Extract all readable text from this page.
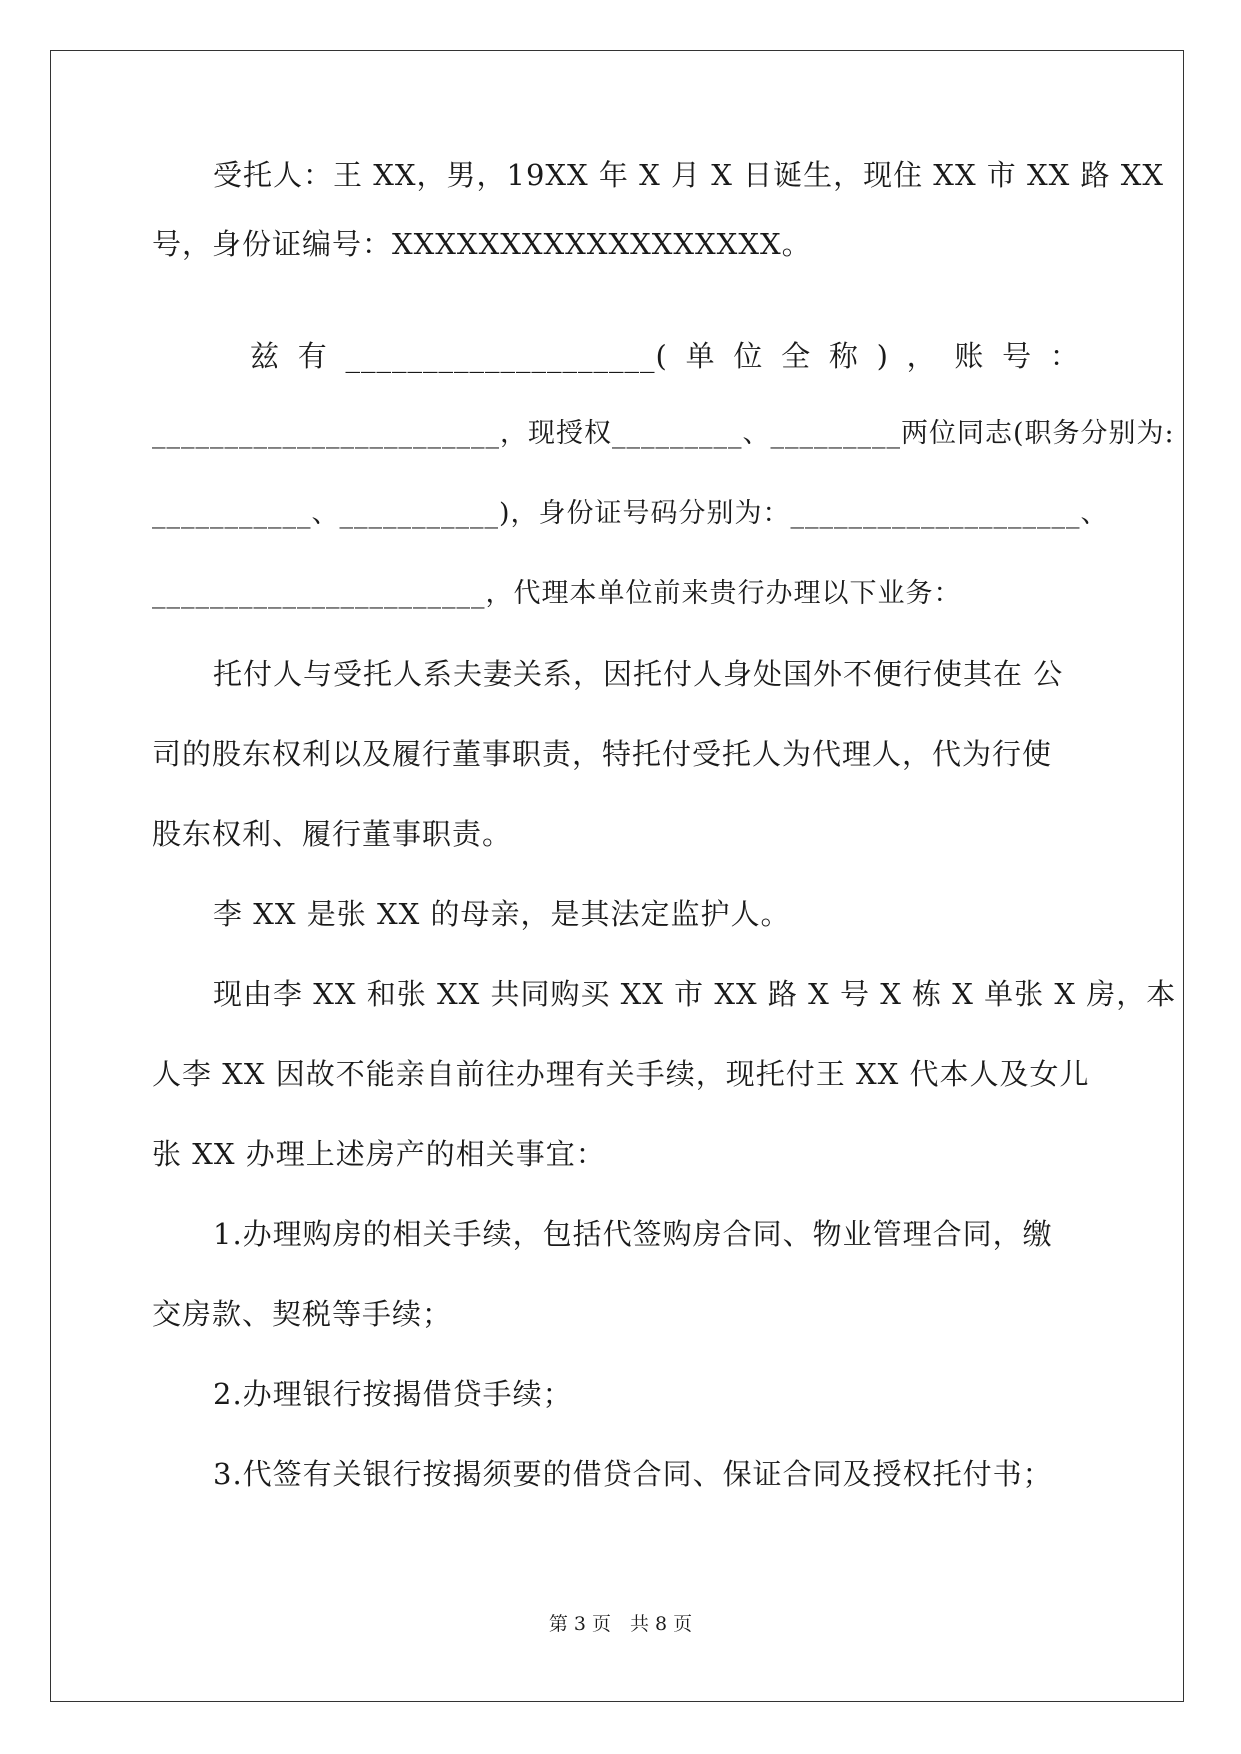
受托人：王 XX，男，19XX 年 X 月 X 日诞生，现住 XX 市 XX 路 XX
号，身份证编号：XXXXXXXXXXXXXXXXXX。
兹 有 ____________________( 单 位 全 称 ) ， 账 号 ：
________________________，现授权_________、_________两位同志(职务分别为:
___________、___________)，身份证号码分别为：____________________、
_______________________，代理本单位前来贵行办理以下业务：
托付人与受托人系夫妻关系，因托付人身处国外不便行使其在 公
司的股东权利以及履行董事职责，特托付受托人为代理人，代为行使
股东权利、履行董事职责。
李 XX 是张 XX 的母亲，是其法定监护人。
现由李 XX 和张 XX 共同购买 XX 市 XX 路 X 号 X 栋 X 单张 X 房，本
人李 XX 因故不能亲自前往办理有关手续，现托付王 XX 代本人及女儿
张 XX 办理上述房产的相关事宜：
1.办理购房的相关手续，包括代签购房合同、物业管理合同，缴
交房款、契税等手续；
2.办理银行按揭借贷手续；
3.代签有关银行按揭须要的借贷合同、保证合同及授权托付书；
第 3 页　共 8 页
